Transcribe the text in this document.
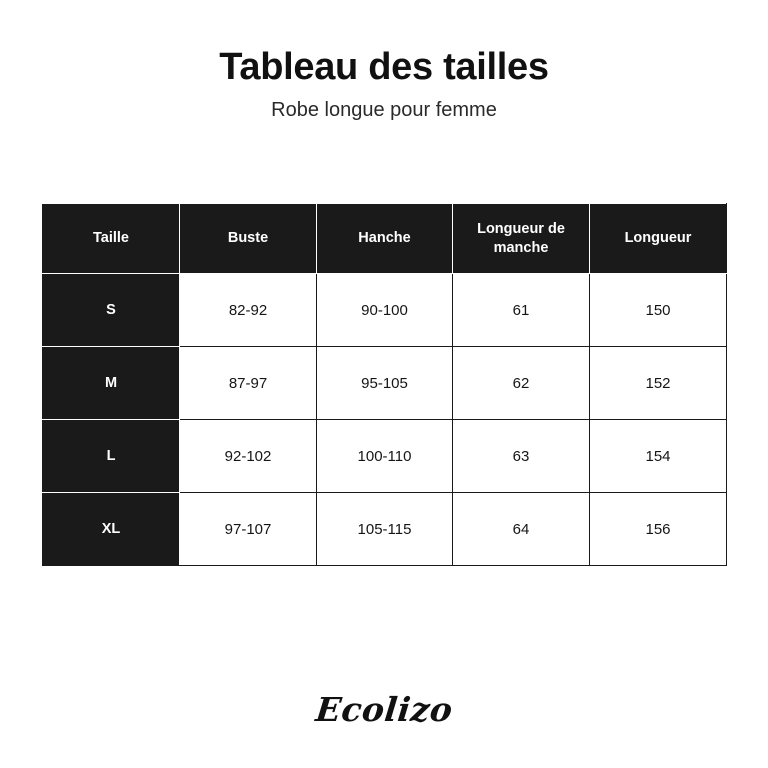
Tableau des tailles

Robe longue pour femme

Taille	Buste	Hanche	Longueur de manche	Longueur
S	82-92	90-100	61	150
M	87-97	95-105	62	152
L	92-102	100-110	63	154
XL	97-107	105-115	64	156
Ecolizo
